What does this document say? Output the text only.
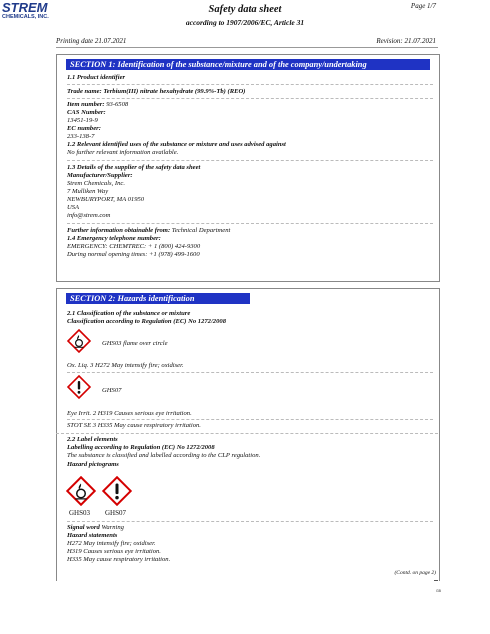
STREM
CHEMICALS, INC.
Safety data sheet
according to 1907/2006/EC, Article 31
Page 1/7
Printing date 21.07.2021	Revision: 21.07.2021
SECTION 1: Identification of the substance/mixture and of the company/undertaking
1.1 Product identifier
Trade name: Terbium(III) nitrate hexahydrate (99.9%-Tb) (REO)
Item number: 93-6508
CAS Number:
13451-19-9
EC number:
233-138-7
1.2 Relevant identified uses of the substance or mixture and uses advised against
No further relevant information available.
1.3 Details of the supplier of the safety data sheet
Manufacturer/Supplier:
Strem Chemicals, Inc.
7 Mulliken Way
NEWBURYPORT, MA 01950
USA
info@strem.com
Further information obtainable from: Technical Department
1.4 Emergency telephone number:
EMERGENCY: CHEMTREC: + 1 (800) 424-9300
During normal opening times: +1 (978) 499-1600
SECTION 2: Hazards identification
2.1 Classification of the substance or mixture
Classification according to Regulation (EC) No 1272/2008
GHS03 flame over circle
Ox. Liq. 3 H272 May intensify fire; oxidiser.
GHS07
Eye Irrit. 2 H319 Causes serious eye irritation.
STOT SE 3 H335 May cause respiratory irritation.
2.2 Label elements
Labelling according to Regulation (EC) No 1272/2008
The substance is classified and labelled according to the CLP regulation.
Hazard pictograms
GHS03 GHS07
Signal word Warning
Hazard statements
H272 May intensify fire; oxidiser.
H319 Causes serious eye irritation.
H335 May cause respiratory irritation.
(Contd. on page 2)
GB
